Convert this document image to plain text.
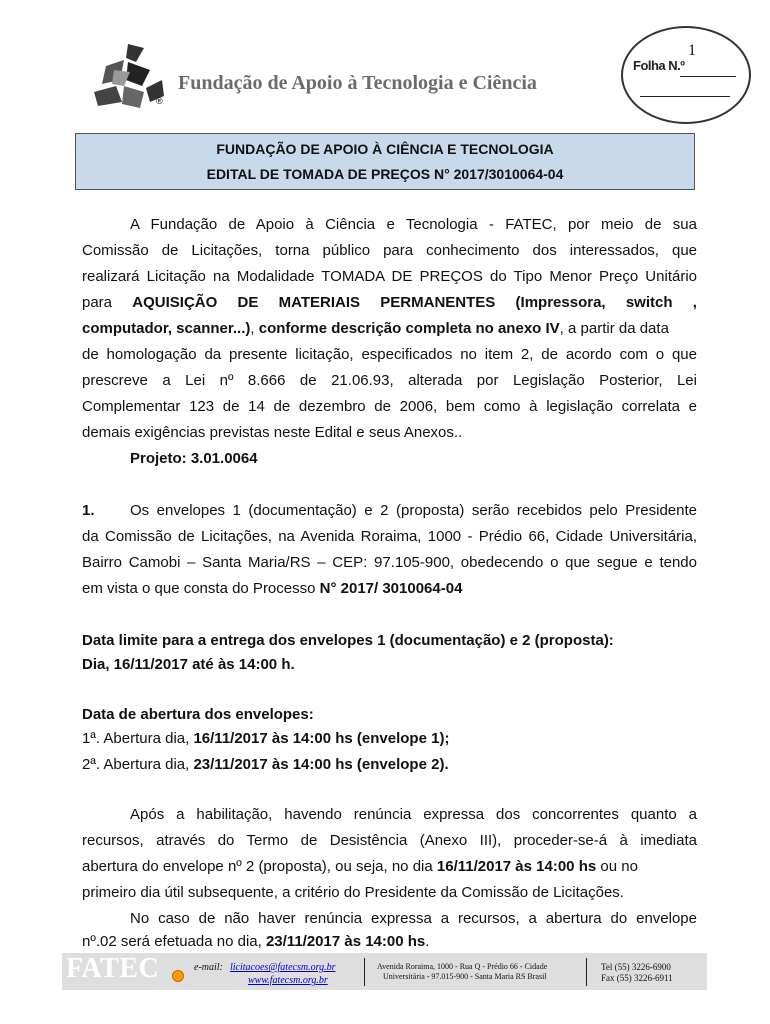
®
Fundação de Apoio à Tecnologia e Ciência
1
Folha N.º
FUNDAÇÃO DE APOIO À CIÊNCIA E TECNOLOGIA
EDITAL DE TOMADA DE PREÇOS N° 2017/3010064-04
A Fundação de Apoio à Ciência e Tecnologia - FATEC, por meio de sua
Comissão de Licitações, torna público para conhecimento dos interessados, que
realizará Licitação na Modalidade TOMADA DE PREÇOS do Tipo Menor Preço Unitário
para AQUISIÇÃO DE MATERIAIS PERMANENTES (Impressora, switch ,
computador, scanner...), conforme descrição completa no anexo IV, a partir da data
de homologação da presente licitação, especificados no item 2, de acordo com o que
prescreve a Lei nº 8.666 de 21.06.93, alterada por Legislação Posterior, Lei
Complementar 123 de 14 de dezembro de 2006, bem como à legislação correlata e
demais exigências previstas neste Edital e seus Anexos..
Projeto: 3.01.0064
1.	Os envelopes 1 (documentação) e 2 (proposta) serão recebidos pelo Presidente
da Comissão de Licitações, na Avenida Roraima, 1000 - Prédio 66, Cidade Universitária,
Bairro Camobi – Santa Maria/RS – CEP: 97.105-900, obedecendo o que segue e tendo
em vista o que consta do Processo N° 2017/ 3010064-04
Data limite para a entrega dos envelopes 1 (documentação) e 2 (proposta):
Dia, 16/11/2017 até às 14:00 h.
Data de abertura dos envelopes:
1ª. Abertura dia, 16/11/2017 às 14:00 hs (envelope 1);
2ª. Abertura dia, 23/11/2017 às 14:00 hs (envelope 2).
Após a habilitação, havendo renúncia expressa dos concorrentes quanto a
recursos, através do Termo de Desistência (Anexo III), proceder-se-á à imediata
abertura do envelope nº 2 (proposta), ou seja, no dia 16/11/2017 às 14:00 hs ou no
primeiro dia útil subsequente, a critério do Presidente da Comissão de Licitações.
No caso de não haver renúncia expressa a recursos, a abertura do envelope
nº.02 será efetuada no dia, 23/11/2017 às 14:00 hs.
FATEC	e-mail: licitacoes@fatecsm.org.br
www.fatecsm.org.br
Avenida Roraima, 1000 - Rua Q - Prédio 66 - Cidade
Universitária - 97.015-900 - Santa Maria RS Brasil
Tel (55) 3226-6900
Fax (55) 3226-6911
